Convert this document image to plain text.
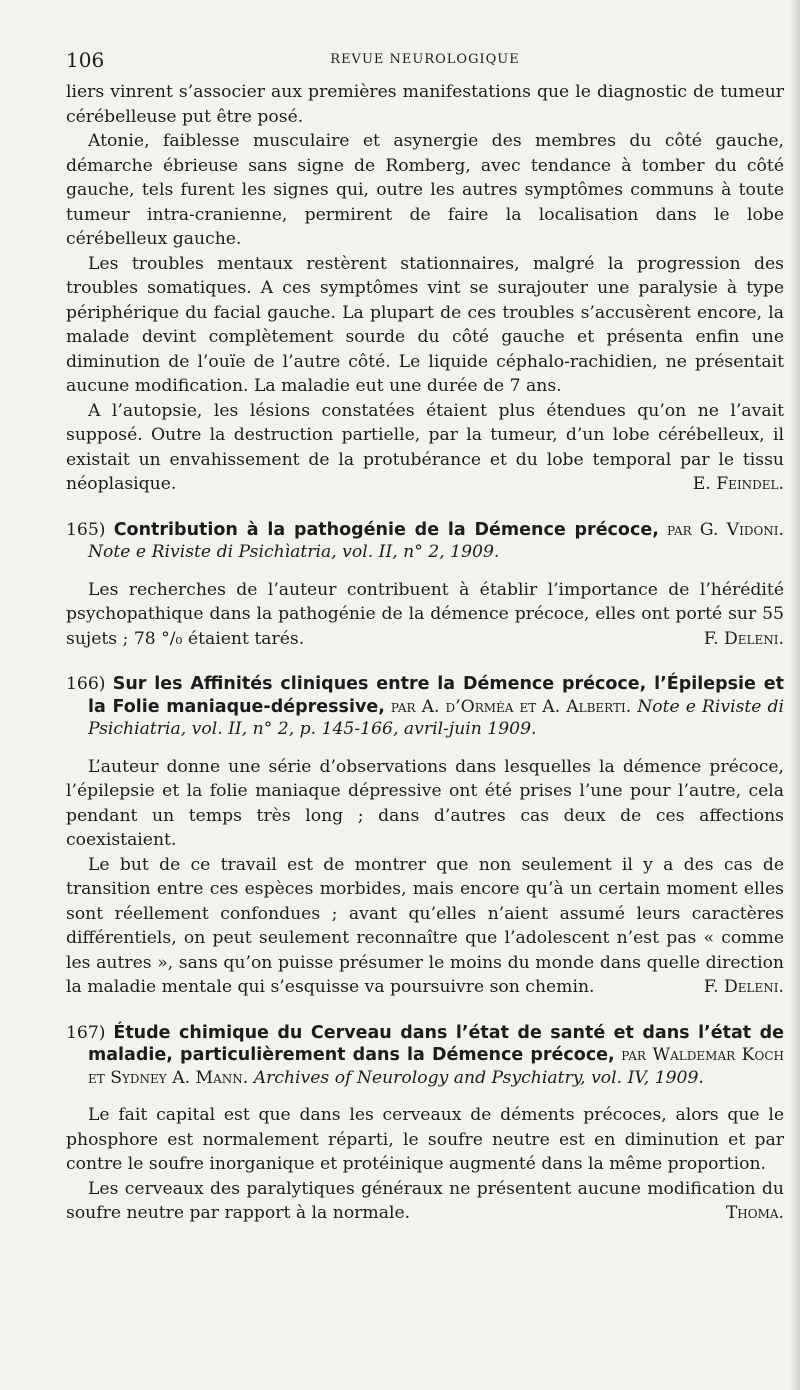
106	REVUE NEUROLOGIQUE

liers vinrent s’associer aux premières manifestations que le diagnostic de tumeur cérébelleuse put être posé.

Atonie, faiblesse musculaire et asynergie des membres du côté gauche, démarche ébrieuse sans signe de Romberg, avec tendance à tomber du côté gauche, tels furent les signes qui, outre les autres symptômes communs à toute tumeur intra-cranienne, permirent de faire la localisation dans le lobe cérébelleux gauche.

Les troubles mentaux restèrent stationnaires, malgré la progression des troubles somatiques. A ces symptômes vint se surajouter une paralysie à type périphérique du facial gauche. La plupart de ces troubles s’accusèrent encore, la malade devint complètement sourde du côté gauche et présenta enfin une diminution de l’ouïe de l’autre côté. Le liquide céphalo-rachidien, ne présentait aucune modification. La maladie eut une durée de 7 ans.

A l’autopsie, les lésions constatées étaient plus étendues qu’on ne l’avait supposé. Outre la destruction partielle, par la tumeur, d’un lobe cérébelleux, il existait un envahissement de la protubérance et du lobe temporal par le tissu néoplasique.	E. Feindel.

165) Contribution à la pathogénie de la Démence précoce, par G. Vidoni. Note e Riviste di Psichìatria, vol. II, n° 2, 1909.

Les recherches de l’auteur contribuent à établir l’importance de l’hérédité psychopathique dans la pathogénie de la démence précoce, elles ont porté sur 55 sujets ; 78 °/₀ étaient tarés.	F. Deleni.

166) Sur les Affinités cliniques entre la Démence précoce, l’Épilepsie et la Folie maniaque-dépressive, par A. d’Orméa et A. Alberti. Note e Riviste di Psichiatria, vol. II, n° 2, p. 145-166, avril-juin 1909.

L’auteur donne une série d’observations dans lesquelles la démence précoce, l’épilepsie et la folie maniaque dépressive ont été prises l’une pour l’autre, cela pendant un temps très long ; dans d’autres cas deux de ces affections coexistaient.

Le but de ce travail est de montrer que non seulement il y a des cas de transition entre ces espèces morbides, mais encore qu’à un certain moment elles sont réellement confondues ; avant qu’elles n’aient assumé leurs caractères différentiels, on peut seulement reconnaître que l’adolescent n’est pas « comme les autres », sans qu’on puisse présumer le moins du monde dans quelle direction la maladie mentale qui s’esquisse va poursuivre son chemin.	F. Deleni.

167) Étude chimique du Cerveau dans l’état de santé et dans l’état de maladie, particulièrement dans la Démence précoce, par Waldemar Koch et Sydney A. Mann. Archives of Neurology and Psychiatry, vol. IV, 1909.

Le fait capital est que dans les cerveaux de déments précoces, alors que le phosphore est normalement réparti, le soufre neutre est en diminution et par contre le soufre inorganique et protéinique augmenté dans la même proportion.

Les cerveaux des paralytiques généraux ne présentent aucune modification du soufre neutre par rapport à la normale.	Thoma.
